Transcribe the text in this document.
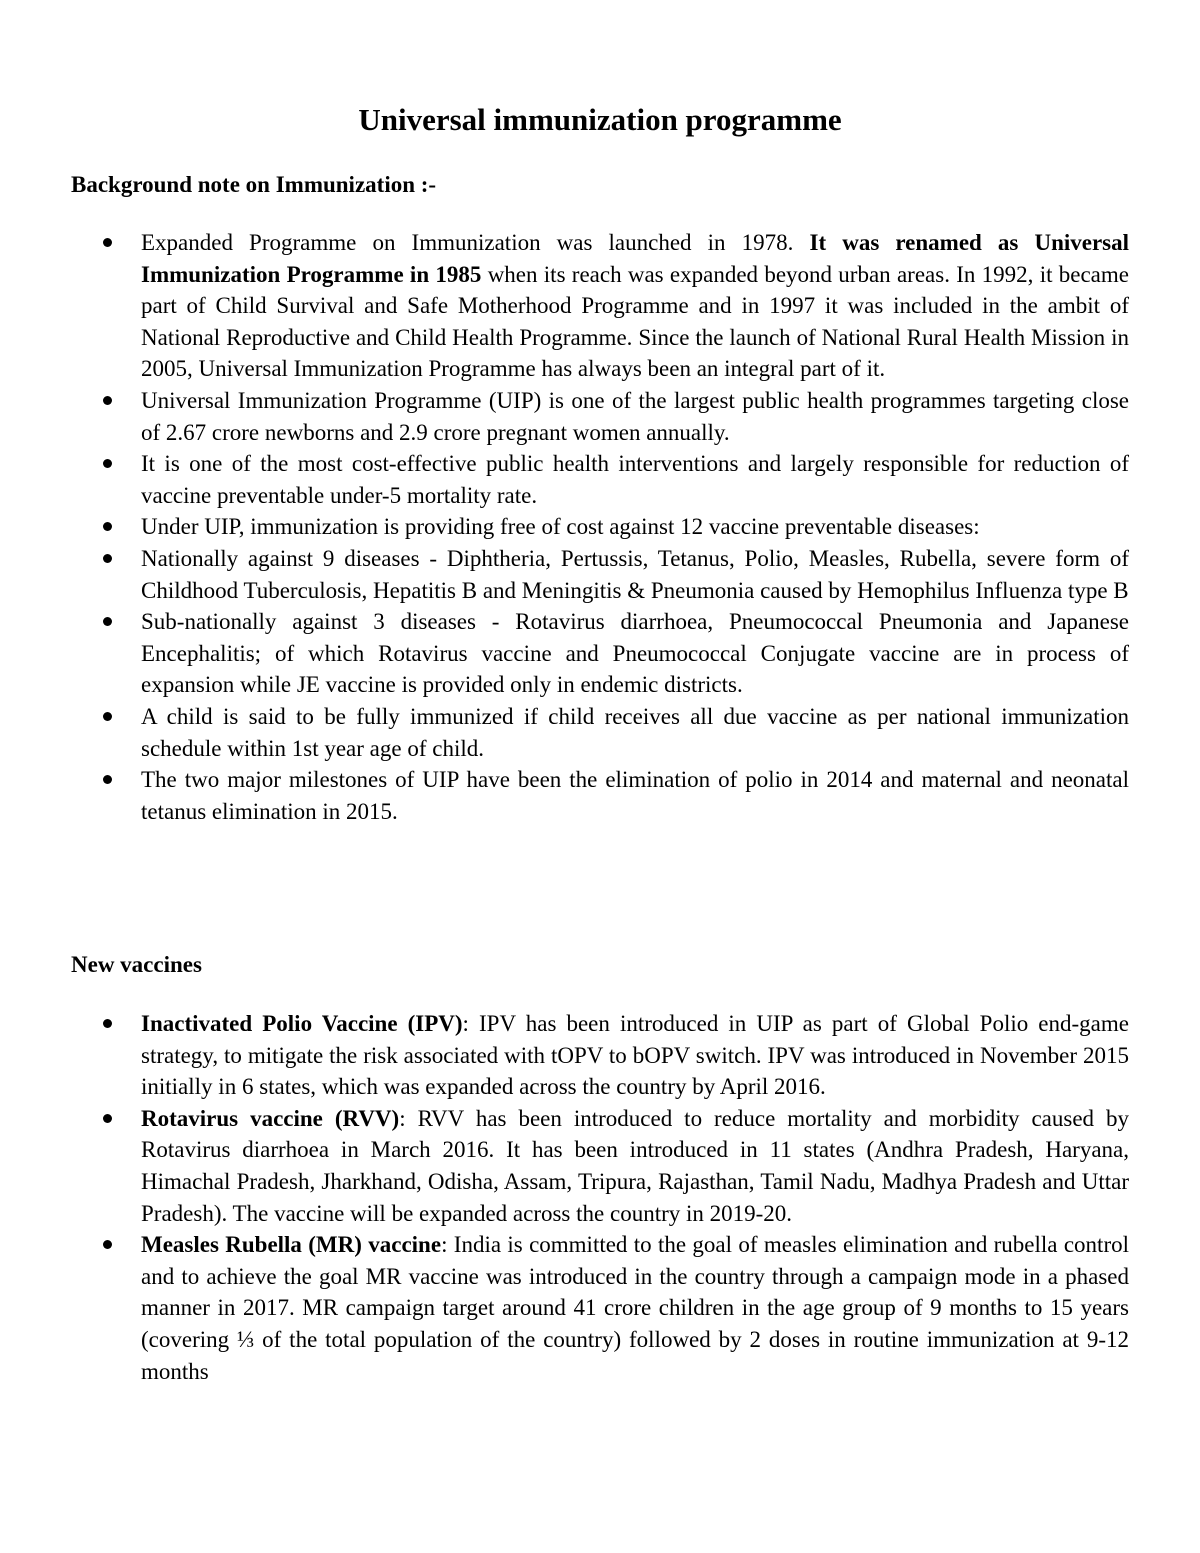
Universal immunization programme
Background note on Immunization :-
Expanded Programme on Immunization was launched in 1978. It was renamed as Universal Immunization Programme in 1985 when its reach was expanded beyond urban areas. In 1992, it became part of Child Survival and Safe Motherhood Programme and in 1997 it was included in the ambit of National Reproductive and Child Health Programme. Since the launch of National Rural Health Mission in 2005, Universal Immunization Programme has always been an integral part of it.
Universal Immunization Programme (UIP) is one of the largest public health programmes targeting close of 2.67 crore newborns and 2.9 crore pregnant women annually.
It is one of the most cost-effective public health interventions and largely responsible for reduction of vaccine preventable under-5 mortality rate.
Under UIP, immunization is providing free of cost against 12 vaccine preventable diseases:
Nationally against 9 diseases - Diphtheria, Pertussis, Tetanus, Polio, Measles, Rubella, severe form of Childhood Tuberculosis, Hepatitis B and Meningitis & Pneumonia caused by Hemophilus Influenza type B
Sub-nationally against 3 diseases - Rotavirus diarrhoea, Pneumococcal Pneumonia and Japanese Encephalitis; of which Rotavirus vaccine and Pneumococcal Conjugate vaccine are in process of expansion while JE vaccine is provided only in endemic districts.
A child is said to be fully immunized if child receives all due vaccine as per national immunization schedule within 1st year age of child.
The two major milestones of UIP have been the elimination of polio in 2014 and maternal and neonatal tetanus elimination in 2015.
New vaccines
Inactivated Polio Vaccine (IPV): IPV has been introduced in UIP as part of Global Polio end-game strategy, to mitigate the risk associated with tOPV to bOPV switch. IPV was introduced in November 2015 initially in 6 states, which was expanded across the country by April 2016.
Rotavirus vaccine (RVV): RVV has been introduced to reduce mortality and morbidity caused by Rotavirus diarrhoea in March 2016. It has been introduced in 11 states (Andhra Pradesh, Haryana, Himachal Pradesh, Jharkhand, Odisha, Assam, Tripura, Rajasthan, Tamil Nadu, Madhya Pradesh and Uttar Pradesh). The vaccine will be expanded across the country in 2019-20.
Measles Rubella (MR) vaccine: India is committed to the goal of measles elimination and rubella control and to achieve the goal MR vaccine was introduced in the country through a campaign mode in a phased manner in 2017. MR campaign target around 41 crore children in the age group of 9 months to 15 years (covering ⅓ of the total population of the country) followed by 2 doses in routine immunization at 9-12 months
